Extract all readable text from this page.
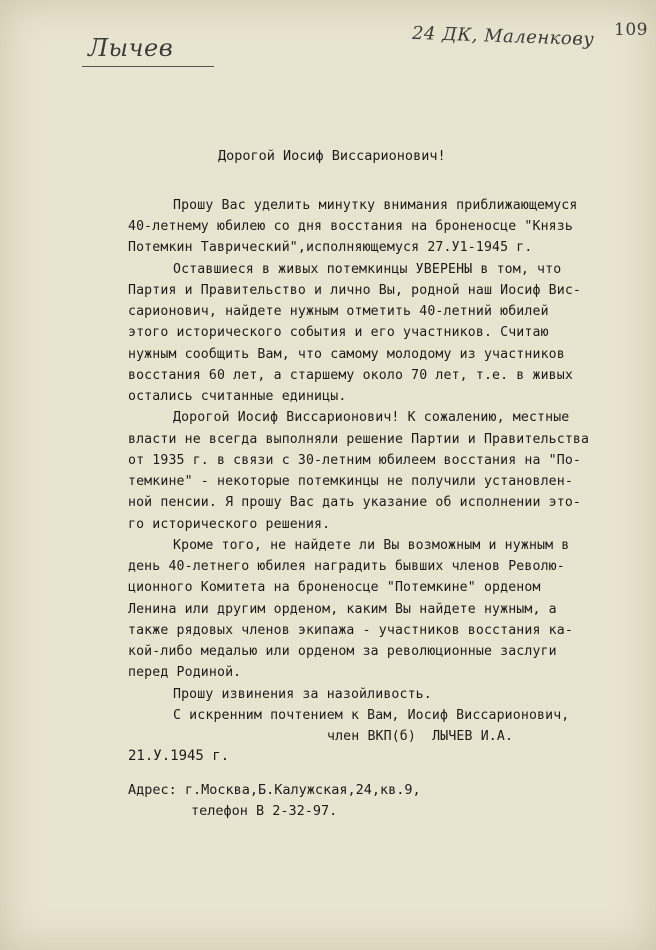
Лычев	24 ДК, Маленкову 109
Дорогой Иосиф Виссарионович!
Прошу Вас уделить минутку внимания приближающемуся
40-летнему юбилею со дня восстания на броненосце "Князь
Потемкин Таврический",исполняющемуся 27.У1-1945 г.
Оставшиеся в живых потемкинцы УВЕРЕНЫ в том, что
Партия и Правительство и лично Вы, родной наш Иосиф Вис-
сарионович, найдете нужным отметить 40-летний юбилей
этого исторического события и его участников. Считаю
нужным сообщить Вам, что самому молодому из участников
восстания 60 лет, а старшему около 70 лет, т.е. в живых
остались считанные единицы.
Дорогой Иосиф Виссарионович! К сожалению, местные
власти не всегда выполняли решение Партии и Правительства
от 1935 г. в связи с 30-летним юбилеем восстания на "По-
темкине" - некоторые потемкинцы не получили установлен-
ной пенсии. Я прошу Вас дать указание об исполнении это-
го исторического решения.
Кроме того, не найдете ли Вы возможным и нужным в
день 40-летнего юбилея наградить бывших членов Револю-
ционного Комитета на броненосце "Потемкине" орденом
Ленина или другим орденом, каким Вы найдете нужным, а
также рядовых членов экипажа - участников восстания ка-
кой-либо медалью или орденом за революционные заслуги
перед Родиной.
Прошу извинения за назойливость.
С искренним почтением к Вам, Иосиф Виссарионович,
член ВКП(б)  ЛЫЧЕВ И.А.
21.У.1945 г.
Адрес: г.Москва,Б.Калужская,24,кв.9,
телефон В 2-32-97.
